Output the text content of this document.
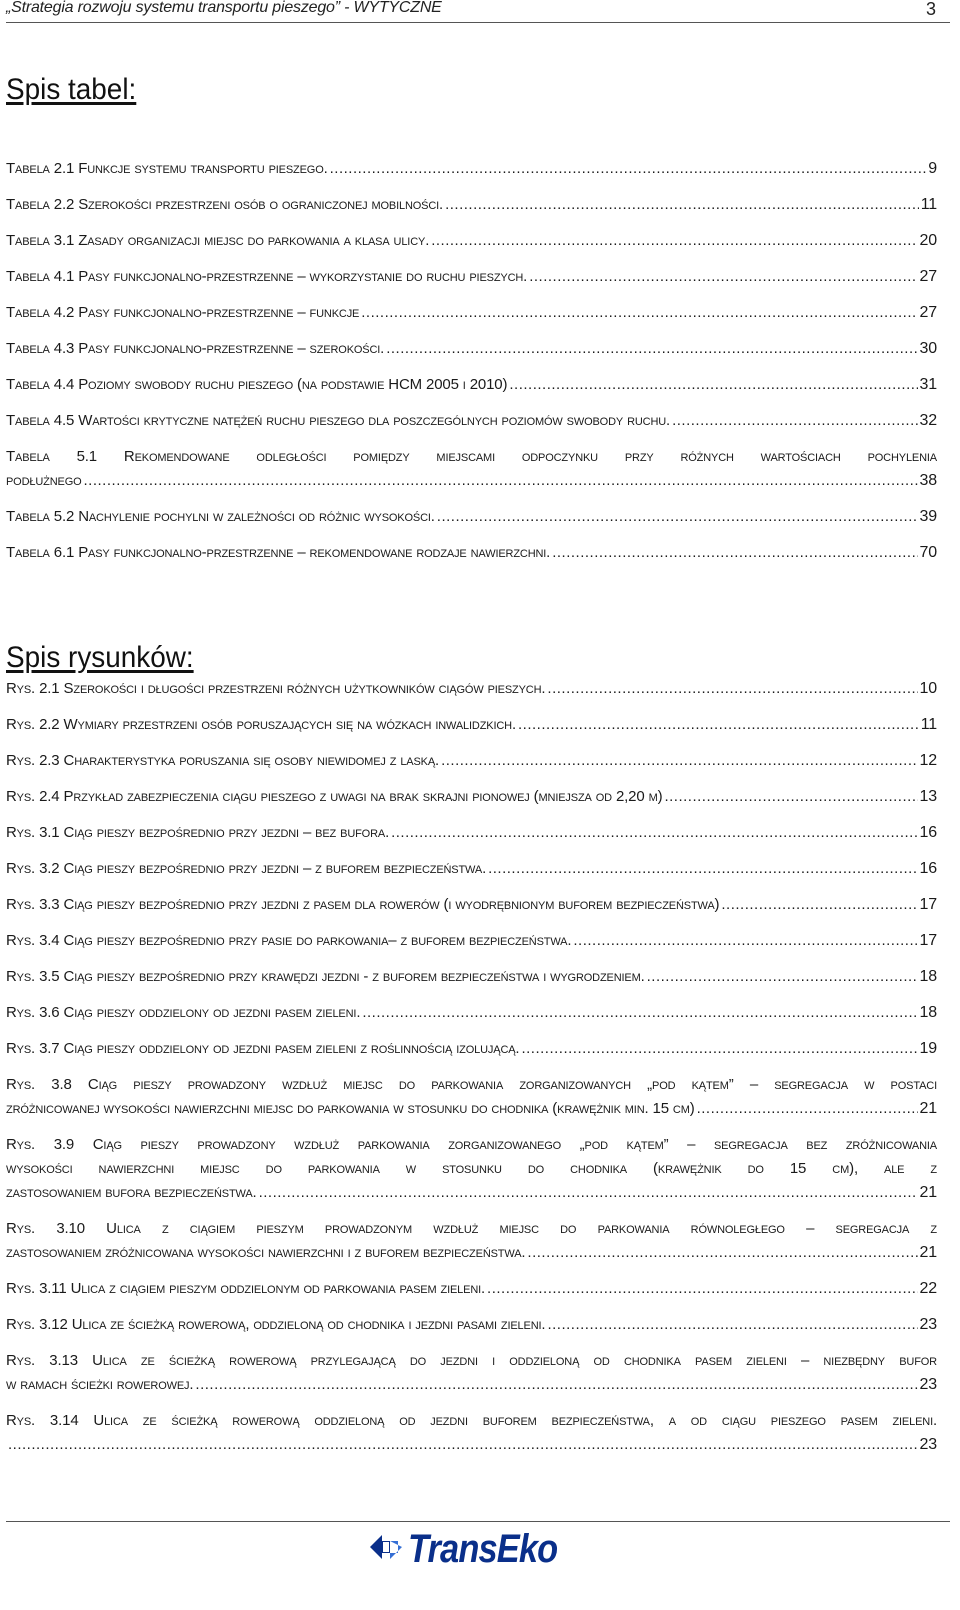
„Strategia rozwoju systemu transportu pieszego” - WYTYCZNE	3
Spis tabel:
Tabela 2.1 Funkcje systemu transportu pieszego. .....	9
Tabela 2.2 Szerokości przestrzeni osób o ograniczonej mobilności. .....	11
Tabela 3.1 Zasady organizacji miejsc do parkowania a klasa ulicy. .....	20
Tabela 4.1 Pasy funkcjonalno-przestrzenne – wykorzystanie do ruchu pieszych. .....	27
Tabela 4.2 Pasy funkcjonalno-przestrzenne – funkcje .....	27
Tabela 4.3 Pasy funkcjonalno-przestrzenne – szerokości. .....	30
Tabela 4.4 Poziomy swobody ruchu pieszego (na podstawie HCM 2005 i 2010) .....	31
Tabela 4.5 Wartości krytyczne natężeń ruchu pieszego dla poszczególnych poziomów swobody ruchu. .....	32
Tabela 5.1 Rekomendowane odległości pomiędzy miejscami odpoczynku przy różnych wartościach pochylenia
podłużnego .....	38
Tabela 5.2 Nachylenie pochylni w zależności od różnic wysokości. .....	39
Tabela 6.1 Pasy funkcjonalno-przestrzenne – rekomendowane rodzaje nawierzchni. .....	70
Spis rysunków:
Rys. 2.1 Szerokości i długości przestrzeni różnych użytkowników ciągów pieszych. .....	10
Rys. 2.2 Wymiary przestrzeni osób poruszających się na wózkach inwalidzkich. .....	11
Rys. 2.3 Charakterystyka poruszania się osoby niewidomej z laską. .....	12
Rys. 2.4 Przykład zabezpieczenia ciągu pieszego z uwagi na brak skrajni pionowej (mniejsza od 2,20 m) .....	13
Rys. 3.1 Ciąg pieszy bezpośrednio przy jezdni – bez bufora. .....	16
Rys. 3.2 Ciąg pieszy bezpośrednio przy jezdni – z buforem bezpieczeństwa. .....	16
Rys. 3.3 Ciąg pieszy bezpośrednio przy jezdni z pasem dla rowerów (i wyodrębnionym buforem bezpieczeństwa) .....	17
Rys. 3.4 Ciąg pieszy bezpośrednio przy pasie do parkowania– z buforem bezpieczeństwa. .....	17
Rys. 3.5 Ciąg pieszy bezpośrednio przy krawędzi jezdni - z buforem bezpieczeństwa i wygrodzeniem. .....	18
Rys. 3.6 Ciąg pieszy oddzielony od jezdni pasem zieleni. .....	18
Rys. 3.7 Ciąg pieszy oddzielony od jezdni pasem zieleni z roślinnością izolującą. .....	19
Rys. 3.8 Ciąg pieszy prowadzony wzdłuż miejsc do parkowania zorganizowanych „pod kątem” – segregacja w postaci
zróżnicowanej wysokości nawierzchni miejsc do parkowania w stosunku do chodnika (krawężnik min. 15 cm) .....	21
Rys. 3.9 Ciąg pieszy prowadzony wzdłuż parkowania zorganizowanego „pod kątem” – segregacja bez zróżnicowania
wysokości nawierzchni miejsc do parkowania w stosunku do chodnika (krawężnik do 15 cm), ale z
zastosowaniem bufora bezpieczeństwa. .....	21
Rys. 3.10 Ulica z ciągiem pieszym prowadzonym wzdłuż miejsc do parkowania równoległego – segregacja z
zastosowaniem zróżnicowana wysokości nawierzchni i z buforem bezpieczeństwa. .....	21
Rys. 3.11 Ulica z ciągiem pieszym oddzielonym od parkowania pasem zieleni. .....	22
Rys. 3.12 Ulica ze ścieżką rowerową, oddzieloną od chodnika i jezdni pasami zieleni. .....	23
Rys. 3.13 Ulica ze ścieżką rowerową przylegającą do jezdni i oddzieloną od chodnika pasem zieleni – niezbędny bufor
w ramach ścieżki rowerowej. .....	23
Rys. 3.14 Ulica ze ścieżką rowerową oddzieloną od jezdni buforem bezpieczeństwa, a od ciągu pieszego pasem zieleni.
.....
23
TransEko
